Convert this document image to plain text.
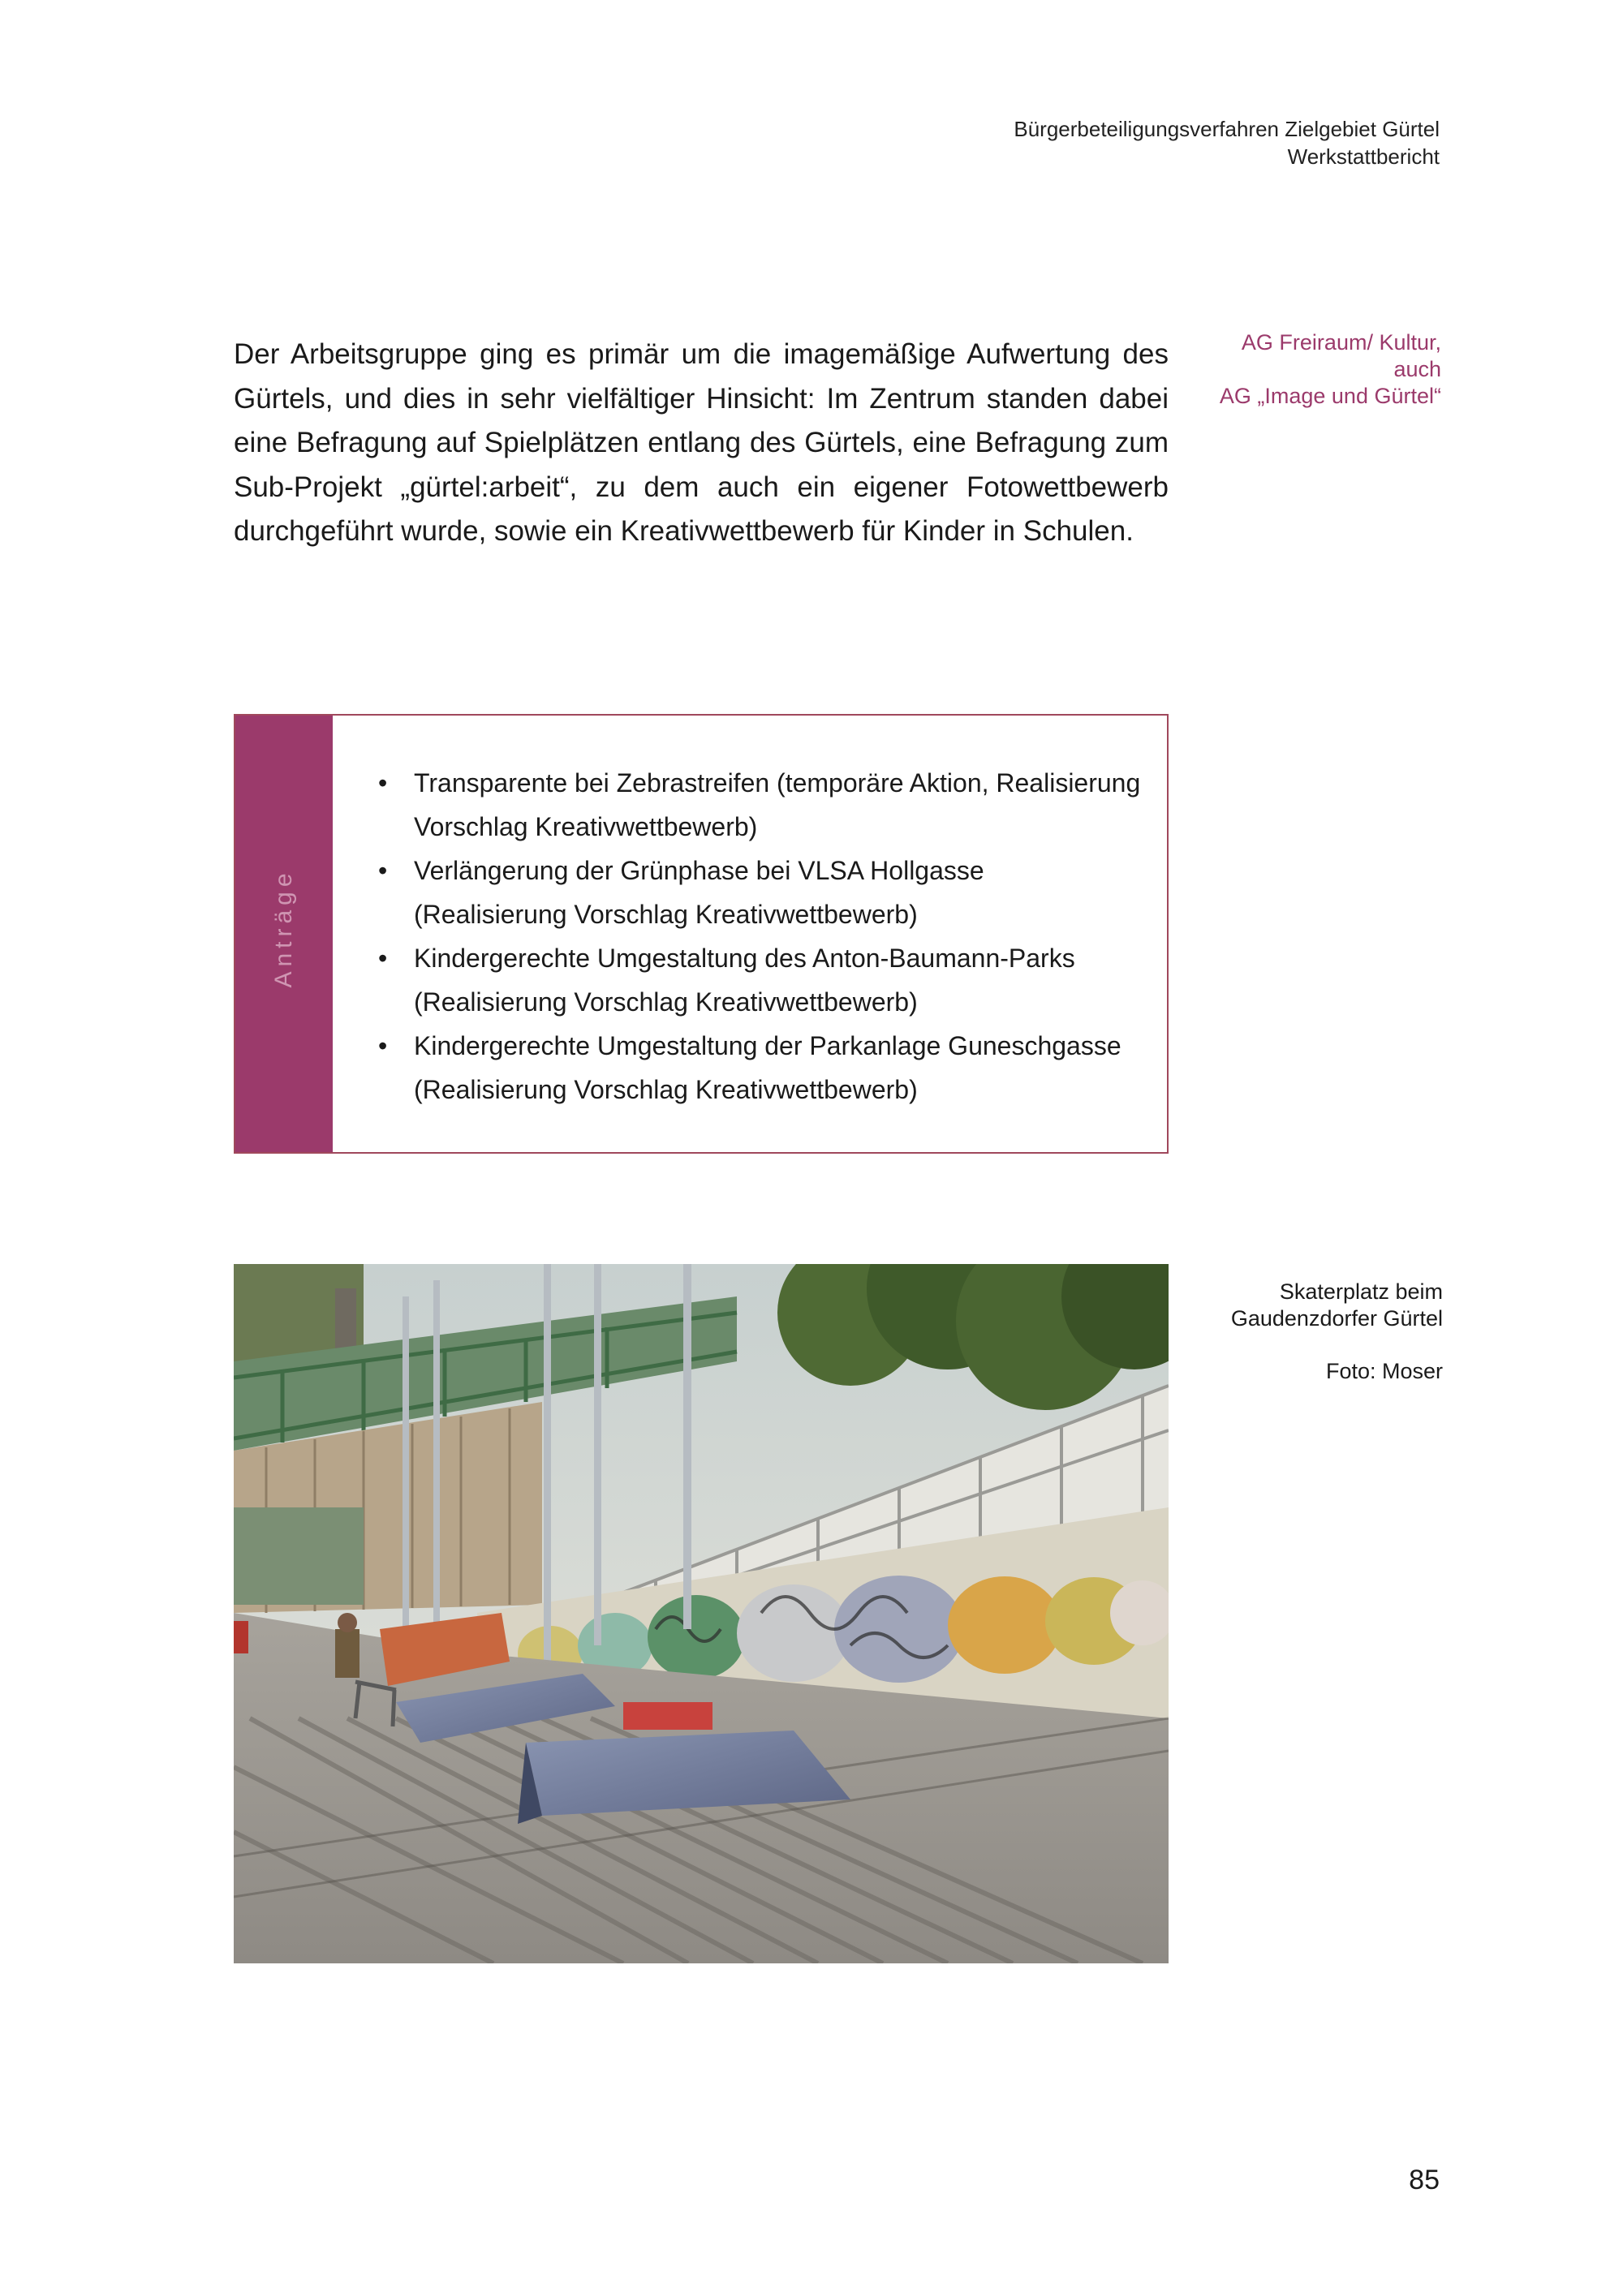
Bürgerbeteiligungsverfahren Zielgebiet Gürtel
Werkstattbericht

Der Arbeitsgruppe ging es primär um die imagemäßige Aufwertung des Gürtels, und dies in sehr vielfältiger Hinsicht: Im Zentrum standen dabei eine Befragung auf Spielplätzen entlang des Gürtels, eine Befragung zum Sub-Projekt „gürtel:arbeit“, zu dem auch ein eigener Fotowettbewerb durchgeführt wurde, sowie ein Kreativwettbewerb für Kinder in Schulen.

AG Freiraum/ Kultur,
auch
AG „Image und Gürtel“
Anträge
• Transparente bei Zebrastreifen (temporäre Aktion, Realisierung Vorschlag Kreativwettbewerb)
• Verlängerung der Grünphase bei VLSA Hollgasse (Realisierung Vorschlag Kreativwettbewerb)
• Kindergerechte Umgestaltung des Anton-Baumann-Parks (Realisierung Vorschlag Kreativwettbewerb)
• Kindergerechte Umgestaltung der Parkanlage Guneschgasse (Realisierung Vorschlag Kreativwettbewerb)
Skaterplatz beim
Gaudenzdorfer Gürtel
Foto: Moser
85
